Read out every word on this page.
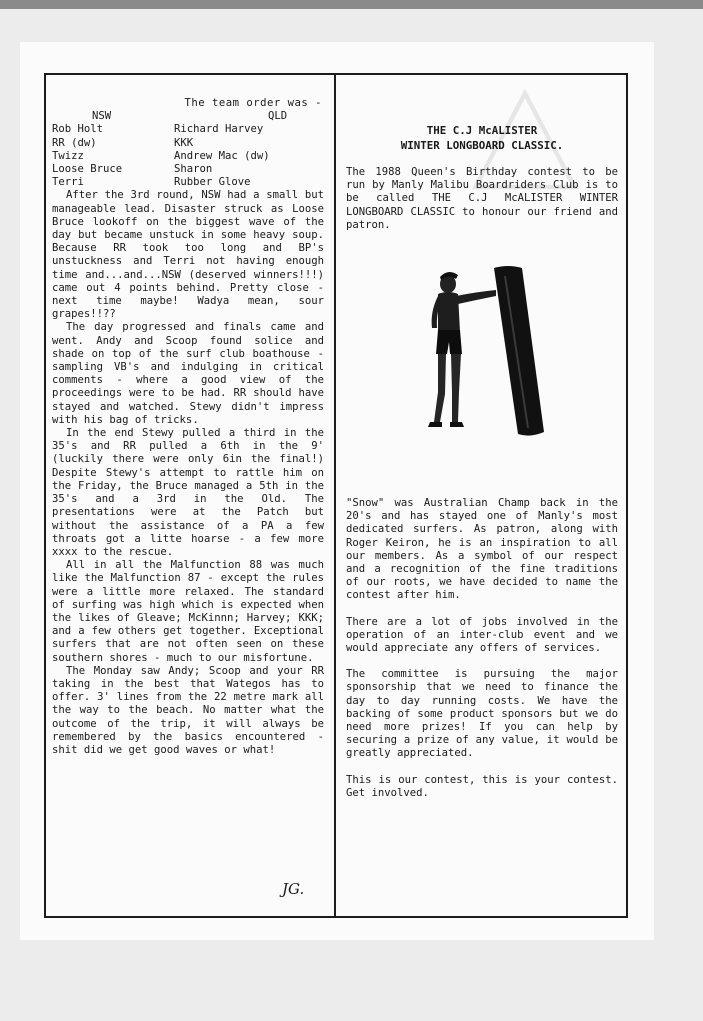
The team order was -

NSW	QLD
Rob Holt	Richard Harvey
RR (dw)	KKK
Twizz	Andrew Mac (dw)
Loose Bruce	Sharon
Terri	Rubber Glove

After the 3rd round, NSW had a small but manageable lead. Disaster struck as Loose Bruce lookoff on the biggest wave of the day but became unstuck in some heavy soup. Because RR took too long and BP's unstuckness and Terri not having enough time and...and...NSW (deserved winners!!!) came out 4 points behind. Pretty close - next time maybe! Wadya mean, sour grapes!!??

The day progressed and finals came and went. Andy and Scoop found solice and shade on top of the surf club boathouse - sampling VB's and indulging in critical comments - where a good view of the proceedings were to be had. RR should have stayed and watched. Stewy didn't impress with his bag of tricks.

In the end Stewy pulled a third in the 35's and RR pulled a 6th in the 9' (luckily there were only 6in the final!) Despite Stewy's attempt to rattle him on the Friday, the Bruce managed a 5th in the 35's and a 3rd in the Old. The presentations were at the Patch but without the assistance of a PA a few throats got a litte hoarse - a few more xxxx to the rescue.

All in all the Malfunction 88 was much like the Malfunction 87 - except the rules were a little more relaxed. The standard of surfing was high which is expected when the likes of Gleave; McKinnn; Harvey; KKK; and a few others get together. Exceptional surfers that are not often seen on these southern shores - much to our misfortune.

The Monday saw Andy; Scoop and your RR taking in the best that Wategos has to offer. 3' lines from the 22 metre mark all the way to the beach. No matter what the outcome of the trip, it will always be remembered by the basics encountered - shit did we get good waves or what!

JG.

THE C.J McALISTER

WINTER LONGBOARD CLASSIC.

The 1988 Queen's Birthday contest to be run by Manly Malibu Boardriders Club is to be called THE C.J McALISTER WINTER LONGBOARD CLASSIC to honour our friend and patron.

"Snow" was Australian Champ back in the 20's and has stayed one of Manly's most dedicated surfers. As patron, along with Roger Keiron, he is an inspiration to all our members. As a symbol of our respect and a recognition of the fine traditions of our roots, we have decided to name the contest after him.

There are a lot of jobs involved in the operation of an inter-club event and we would appreciate any offers of services.

The committee is pursuing the major sponsorship that we need to finance the day to day running costs. We have the backing of some product sponsors but we do need more prizes! If you can help by securing a prize of any value, it would be greatly appreciated.

This is our contest, this is your contest. Get involved.
